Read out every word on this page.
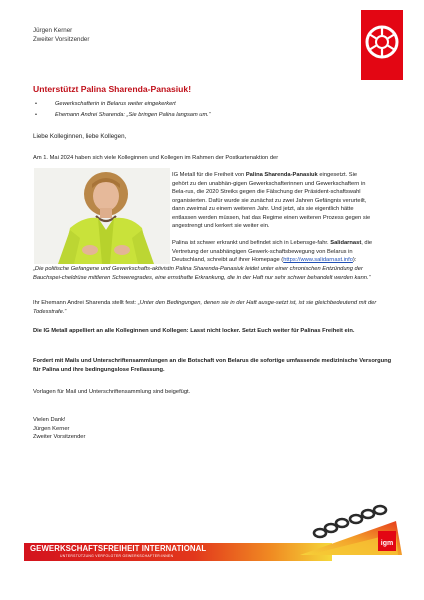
Jürgen Kerner
Zweiter Vorsitzender
Unterstützt Palina Sharenda-Panasiuk!
• Gewerkschafterin in Belarus weiter eingekerkert
• Ehemann Andrei Sharenda: „Sie bringen Palina langsam um.“
Liebe Kolleginnen, liebe Kollegen,
Am 1. Mai 2024 haben sich viele Kolleginnen und Kollegen im Rahmen der Postkartenaktion der
IG Metall für die Freiheit von Palina Sharenda-Panasiuk eingesetzt. Sie gehört zu den unabhän-gigen Gewerkschafterinnen und Gewerkschaftern in Bela-rus, die 2020 Streiks gegen die Fälschung der Präsident-schaftswahl organisierten. Dafür wurde sie zunächst zu zwei Jahren Gefängnis verurteilt, dann zweimal zu einem weiteren Jahr. Und jetzt, als sie eigentlich hätte entlassen werden müssen, hat das Regime einen weiteren Prozess gegen sie angestrengt und kerkert sie weiter ein.
Palina ist schwer erkrankt und befindet sich in Lebensge-fahr. Salidarnast, die Vertretung der unabhängigen Gewerk-schaftsbewegung von Belarus in Deutschland, schreibt auf ihrer Homepage (https://www.salidarnast.info):
„Die politische Gefangene und Gewerkschafts-aktivistin Palina Sharenda-Panasiuk leidet unter einer chronischen Entzündung der Bauchspei-cheldrüse mittleren Schweregrades, eine ernsthafte Erkrankung, die in der Haft nur sehr schwer behandelt werden kann.“
Ihr Ehemann Andrei Sharenda stellt fest: „Unter den Bedingungen, denen sie in der Haft ausge-setzt ist, ist sie gleichbedeutend mit der Todesstrafe.“
Die IG Metall appelliert an alle Kolleginnen und Kollegen: Lasst nicht locker. Setzt Euch weiter für Palinas Freiheit ein.
Fordert mit Mails und Unterschriftensammlungen an die Botschaft von Belarus die sofortige umfassende medizinische Versorgung für Palina und ihre bedingungslose Freilassung.
Vorlagen für Mail und Unterschriftensammlung sind beigefügt.
Vielen Dank!
Jürgen Kerner
Zweiter Vorsitzender
GEWERKSCHAFTSFREIHEIT INTERNATIONAL
UNTERSTÜTZUNG VERFOLGTER GEWERKSCHAFTER:INNEN
igm
